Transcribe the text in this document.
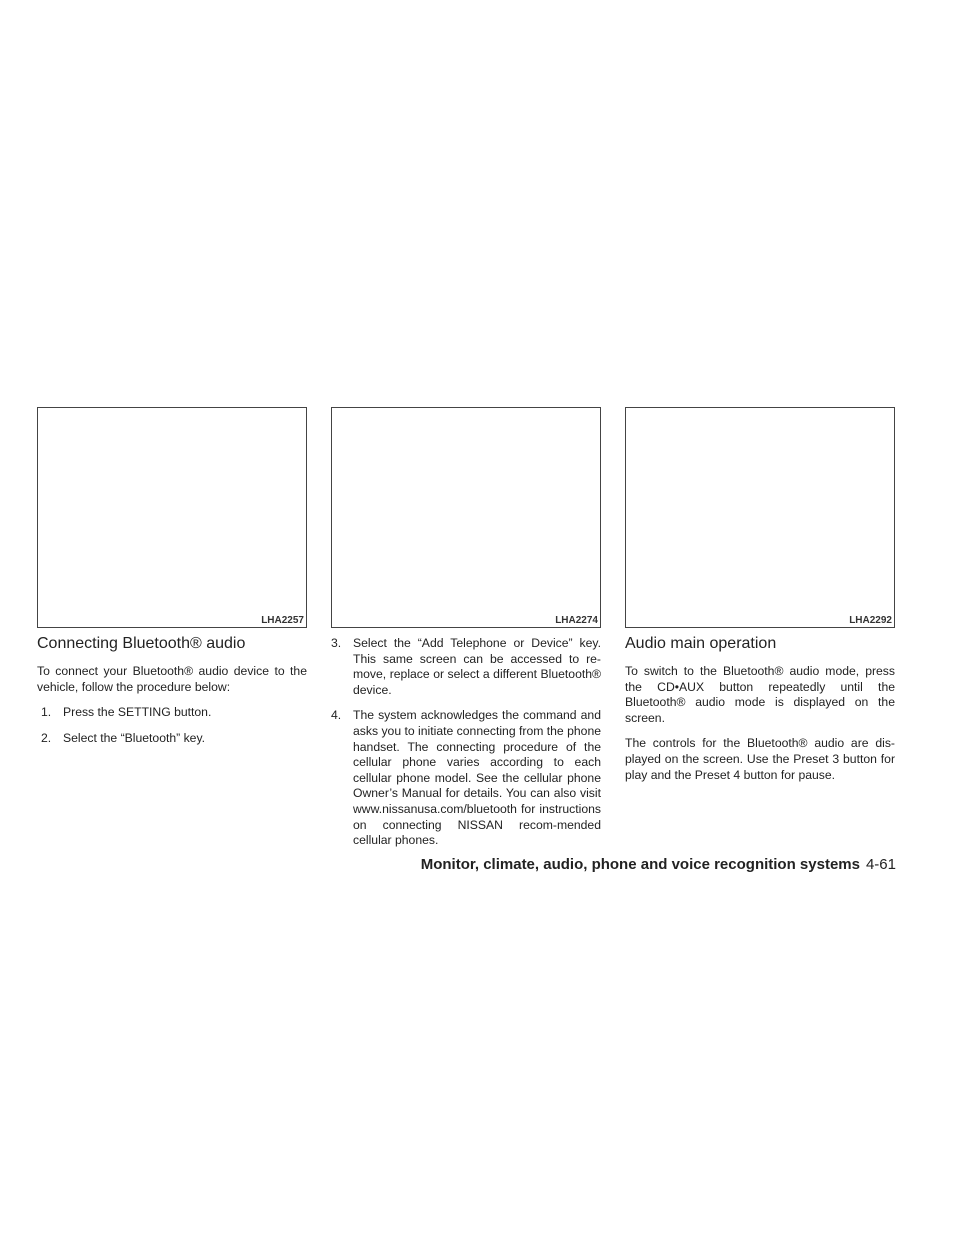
LHA2257	LHA2274	LHA2292
Connecting Bluetooth® audio

To connect your Bluetooth® audio device to the vehicle, follow the procedure below:

1. Press the SETTING button.
2. Select the “Bluetooth” key.
3. Select the “Add Telephone or Device” key. This same screen can be accessed to re-move, replace or select a different Bluetooth® device.
4. The system acknowledges the command and asks you to initiate connecting from the phone handset. The connecting procedure of the cellular phone varies according to each cellular phone model. See the cellular phone Owner’s Manual for details. You can also visit www.nissanusa.com/bluetooth for instructions on connecting NISSAN recom-mended cellular phones.
Audio main operation

To switch to the Bluetooth® audio mode, press the CD•AUX button repeatedly until the Bluetooth® audio mode is displayed on the screen.

The controls for the Bluetooth® audio are dis-played on the screen. Use the Preset 3 button for play and the Preset 4 button for pause.

Monitor, climate, audio, phone and voice recognition systems 4-61
